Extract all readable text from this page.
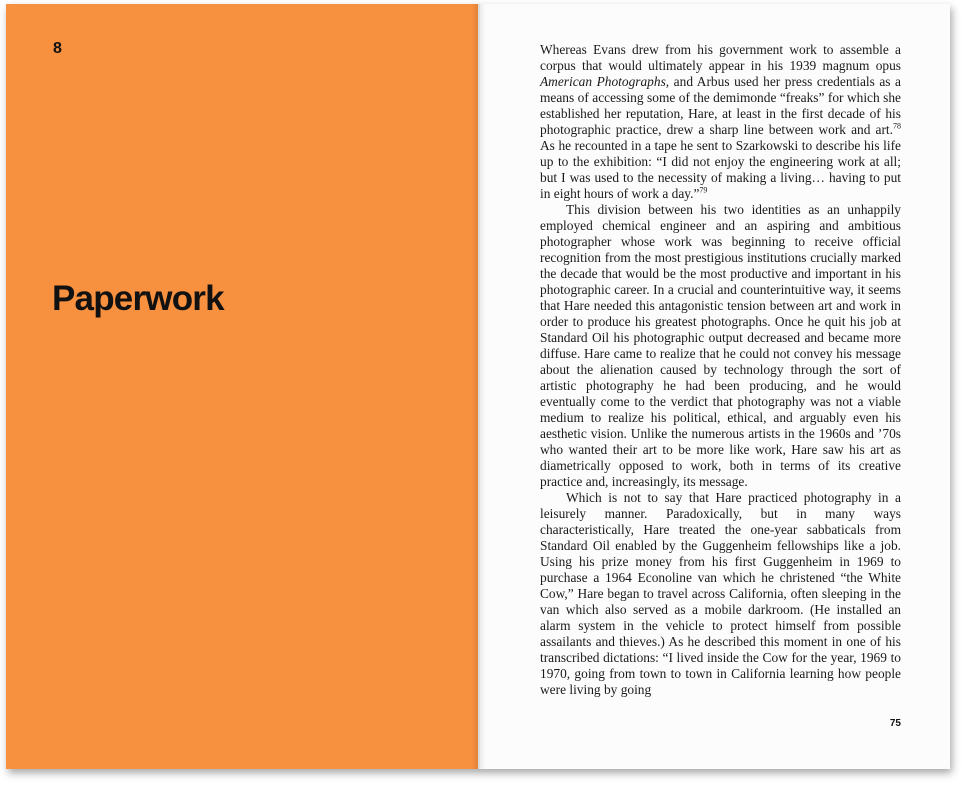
8
Paperwork

Whereas Evans drew from his government work to assemble a corpus that would ultimately appear in his 1939 magnum opus American Photographs, and Arbus used her press credentials as a means of accessing some of the demimonde “freaks” for which she established her reputation, Hare, at least in the first decade of his photographic practice, drew a sharp line between work and art.$^{78}$ As he recounted in a tape he sent to Szarkowski to describe his life up to the exhibition: “I did not enjoy the engineering work at all; but I was used to the necessity of making a living… having to put in eight hours of work a day.”$^{79}$

This division between his two identities as an unhappily employed chemical engineer and an aspiring and ambitious photographer whose work was beginning to receive official recognition from the most prestigious institutions crucially marked the decade that would be the most productive and important in his photographic career. In a crucial and counterintuitive way, it seems that Hare needed this antagonistic tension between art and work in order to produce his greatest photographs. Once he quit his job at Standard Oil his photographic output decreased and became more diffuse. Hare came to realize that he could not convey his message about the alienation caused by technology through the sort of artistic photography he had been producing, and he would eventually come to the verdict that photography was not a viable medium to realize his political, ethical, and arguably even his aesthetic vision. Unlike the numerous artists in the 1960s and ’70s who wanted their art to be more like work, Hare saw his art as diametrically opposed to work, both in terms of its creative practice and, increasingly, its message.

Which is not to say that Hare practiced photography in a leisurely manner. Paradoxically, but in many ways characteristically, Hare treated the one-year sabbaticals from Standard Oil enabled by the Guggenheim fellowships like a job. Using his prize money from his first Guggenheim in 1969 to purchase a 1964 Econoline van which he christened “the White Cow,” Hare began to travel across California, often sleeping in the van which also served as a mobile darkroom. (He installed an alarm system in the vehicle to protect himself from possible assailants and thieves.) As he described this moment in one of his transcribed dictations: “I lived inside the Cow for the year, 1969 to 1970, going from town to town in California learning how people were living by going

75
